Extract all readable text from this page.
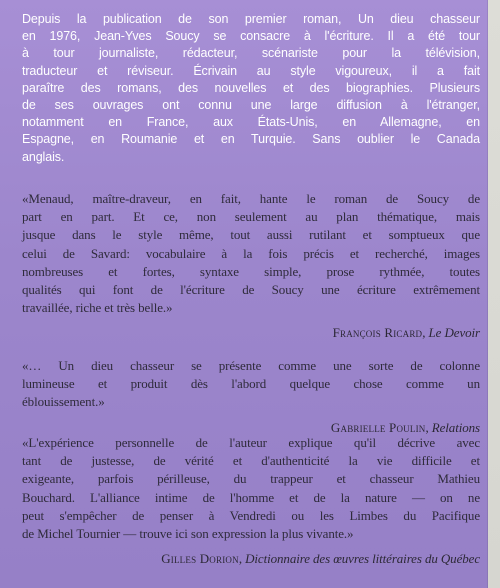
Depuis la publication de son premier roman, Un dieu chasseur
en 1976, Jean-Yves Soucy se consacre à l'écriture. Il a été tour
à tour journaliste, rédacteur, scénariste pour la télévision,
traducteur et réviseur. Écrivain au style vigoureux, il a fait
paraître des romans, des nouvelles et des biographies. Plusieurs
de ses ouvrages ont connu une large diffusion à l'étranger,
notamment en France, aux États-Unis, en Allemagne, en
Espagne, en Roumanie et en Turquie. Sans oublier le Canada
anglais.
«Menaud, maître-draveur, en fait, hante le roman de Soucy de
part en part. Et ce, non seulement au plan thématique, mais
jusque dans le style même, tout aussi rutilant et somptueux que
celui de Savard: vocabulaire à la fois précis et recherché, images
nombreuses et fortes, syntaxe simple, prose rythmée, toutes
qualités qui font de l'écriture de Soucy une écriture extrêmement
travaillée, riche et très belle.»
François Ricard, Le Devoir
«… Un dieu chasseur se présente comme une sorte de colonne
lumineuse et produit dès l'abord quelque chose comme un
éblouissement.»
Gabrielle Poulin, Relations
«L'expérience personnelle de l'auteur explique qu'il décrive avec
tant de justesse, de vérité et d'authenticité la vie difficile et
exigeante, parfois périlleuse, du trappeur et chasseur Mathieu
Bouchard. L'alliance intime de l'homme et de la nature — on ne
peut s'empêcher de penser à Vendredi ou les Limbes du Pacifique
de Michel Tournier — trouve ici son expression la plus vivante.»
Gilles Dorion, Dictionnaire des œuvres littéraires du Québec
